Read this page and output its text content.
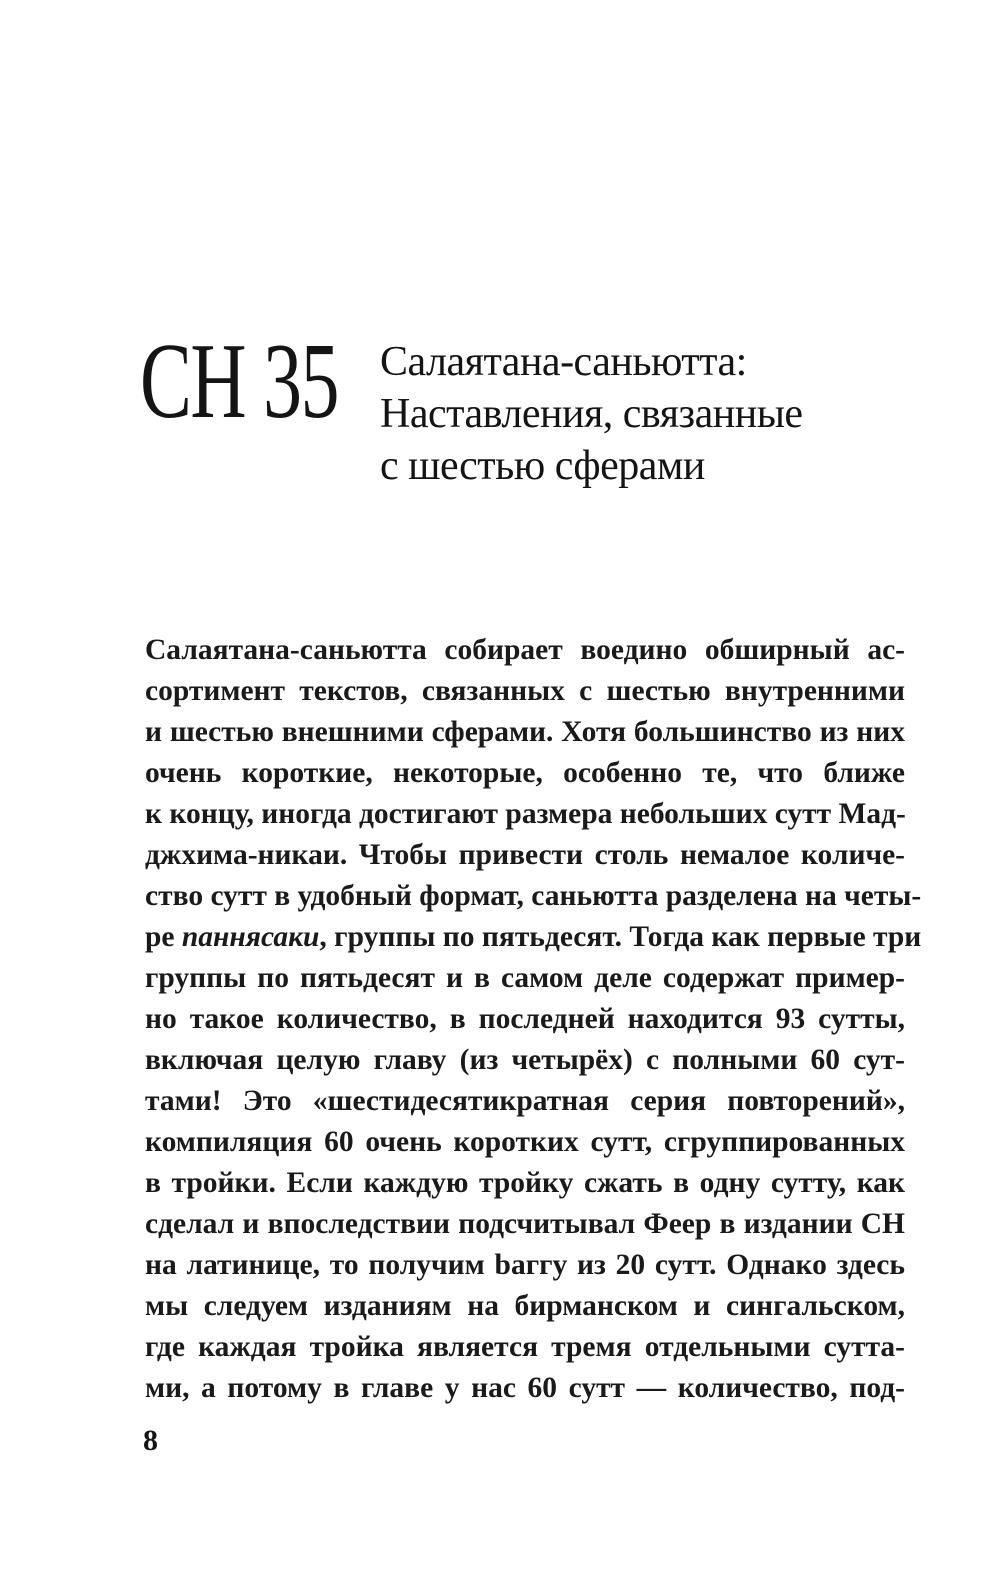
СН 35 Салаятана-саньютта:
Наставления, связанные
с шестью сферами
Салаятана-саньютта собирает воедино обширный ас-
сортимент текстов, связанных с шестью внутренними
и шестью внешними сферами. Хотя большинство из них
очень короткие, некоторые, особенно те, что ближе
к концу, иногда достигают размера небольших сутт Мад-
джхима-никаи. Чтобы привести столь немалое количе-
ство сутт в удобный формат, саньютта разделена на четы-
ре паннясаки, группы по пятьдесят. Тогда как первые три
группы по пятьдесят и в самом деле содержат пример-
но такое количество, в последней находится 93 сутты,
включая целую главу (из четырёх) с полными 60 сут-
тами! Это «шестидесятикратная серия повторений»,
компиляция 60 очень коротких сутт, сгруппированных
в тройки. Если каждую тройку сжать в одну сутту, как
сделал и впоследствии подсчитывал Феер в издании СН
на латинице, то получим baггу из 20 сутт. Однако здесь
мы следуем изданиям на бирманском и сингальском,
где каждая тройка является тремя отдельными сутта-
ми, а потому в главе у нас 60 сутт — количество, под-
8
